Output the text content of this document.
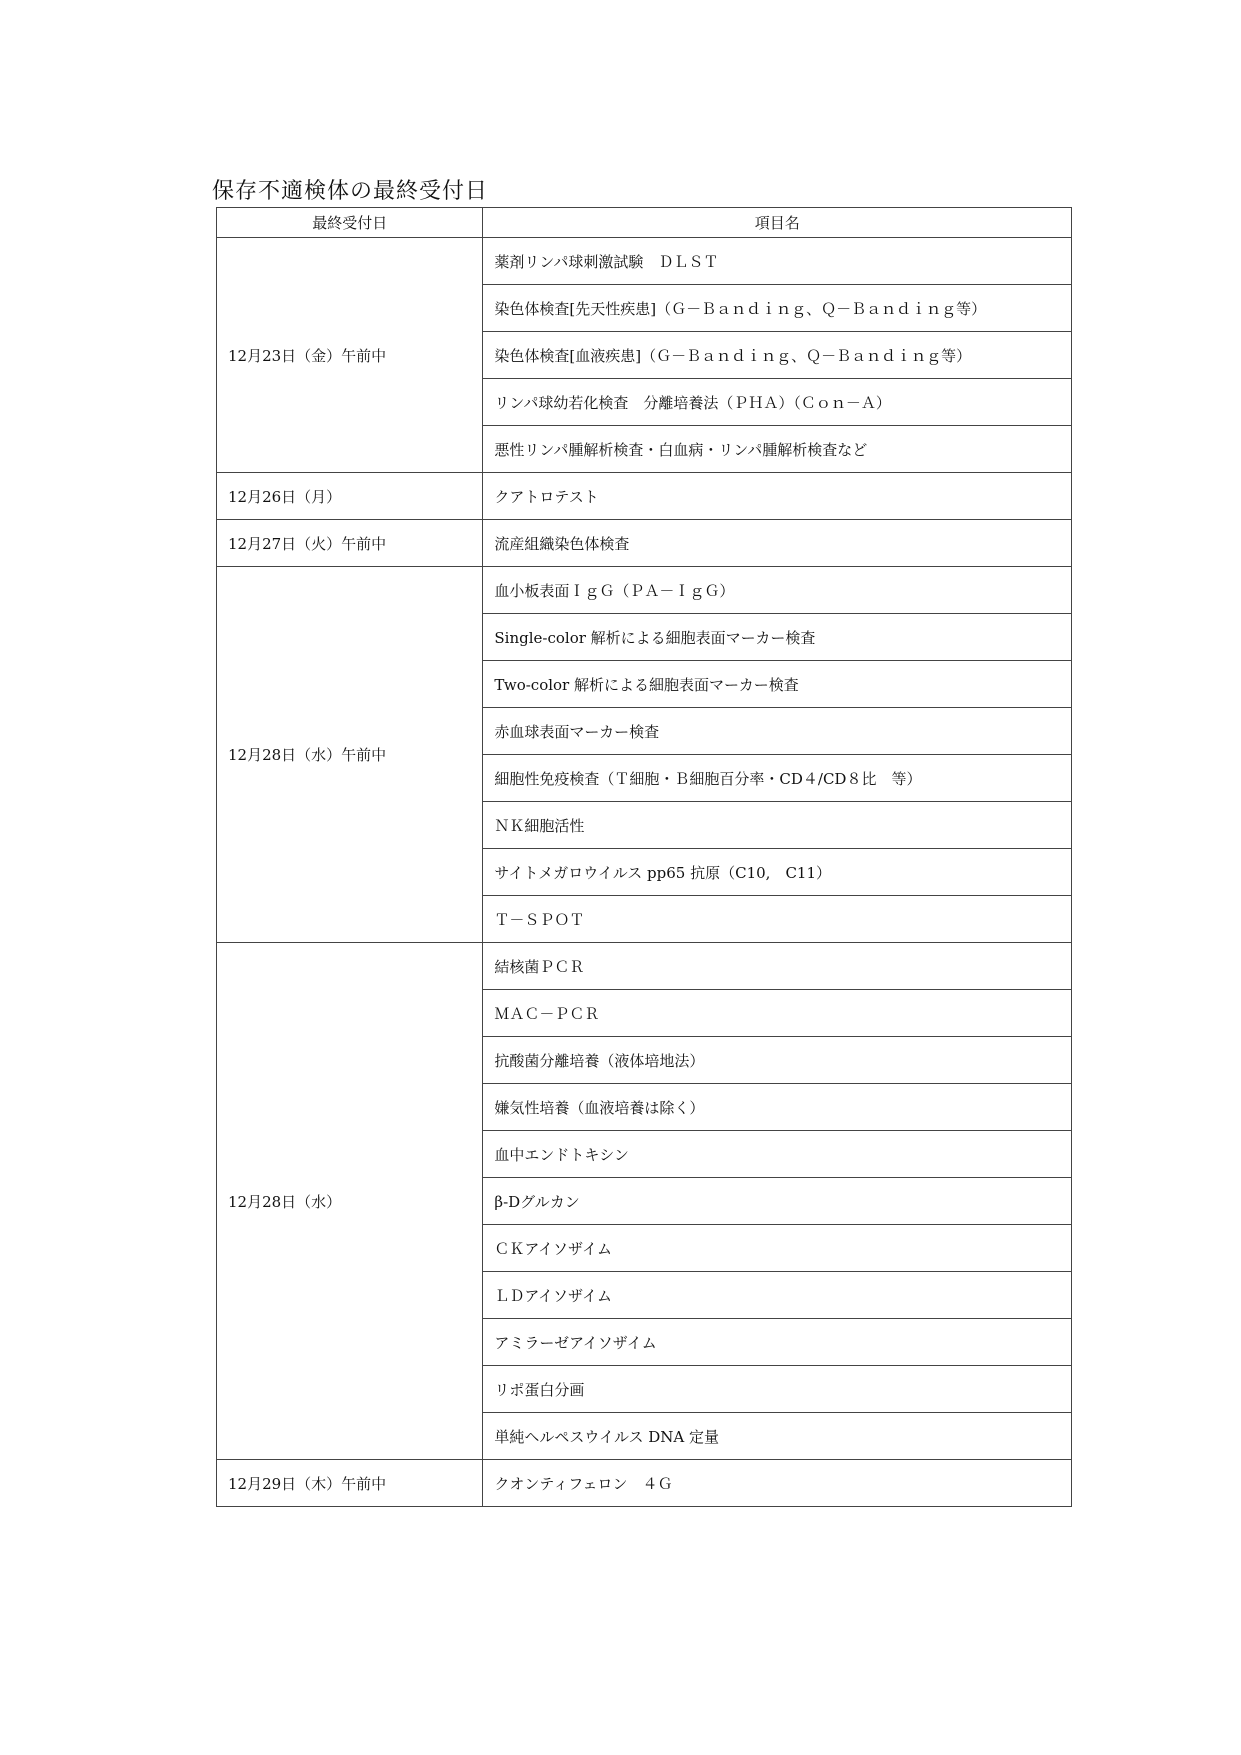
保存不適検体の最終受付日
最終受付日	項目名
12月23日（金）午前中	薬剤リンパ球刺激試験　ＤＬＳＴ
	染色体検査[先天性疾患]（Ｇ－Ｂａｎｄｉｎｇ、Ｑ－Ｂａｎｄｉｎｇ等）
	染色体検査[血液疾患]（Ｇ－Ｂａｎｄｉｎｇ、Ｑ－Ｂａｎｄｉｎｇ等）
	リンパ球幼若化検査　分離培養法（ＰＨＡ）（Ｃｏｎ－Ａ）
	悪性リンパ腫解析検査・白血病・リンパ腫解析検査など
12月26日（月）	クアトロテスト
12月27日（火）午前中	流産組織染色体検査
12月28日（水）午前中	血小板表面ＩｇＧ（ＰＡ－ＩｇＧ）
	Single-color 解析による細胞表面マーカー検査
	Two-color 解析による細胞表面マーカー検査
	赤血球表面マーカー検査
	細胞性免疫検査（Ｔ細胞・Ｂ細胞百分率・CD４/CD８比　等）
	ＮＫ細胞活性
	サイトメガロウイルス pp65 抗原（C10,　C11）
	Ｔ－ＳＰＯＴ
12月28日（水）	結核菌ＰＣＲ
	ＭＡＣ－ＰＣＲ
	抗酸菌分離培養（液体培地法）
	嫌気性培養（血液培養は除く）
	血中エンドトキシン
	β-Dグルカン
	ＣＫアイソザイム
	ＬＤアイソザイム
	アミラーゼアイソザイム
	リポ蛋白分画
	単純ヘルペスウイルス DNA 定量
12月29日（木）午前中	クオンティフェロン　４Ｇ
